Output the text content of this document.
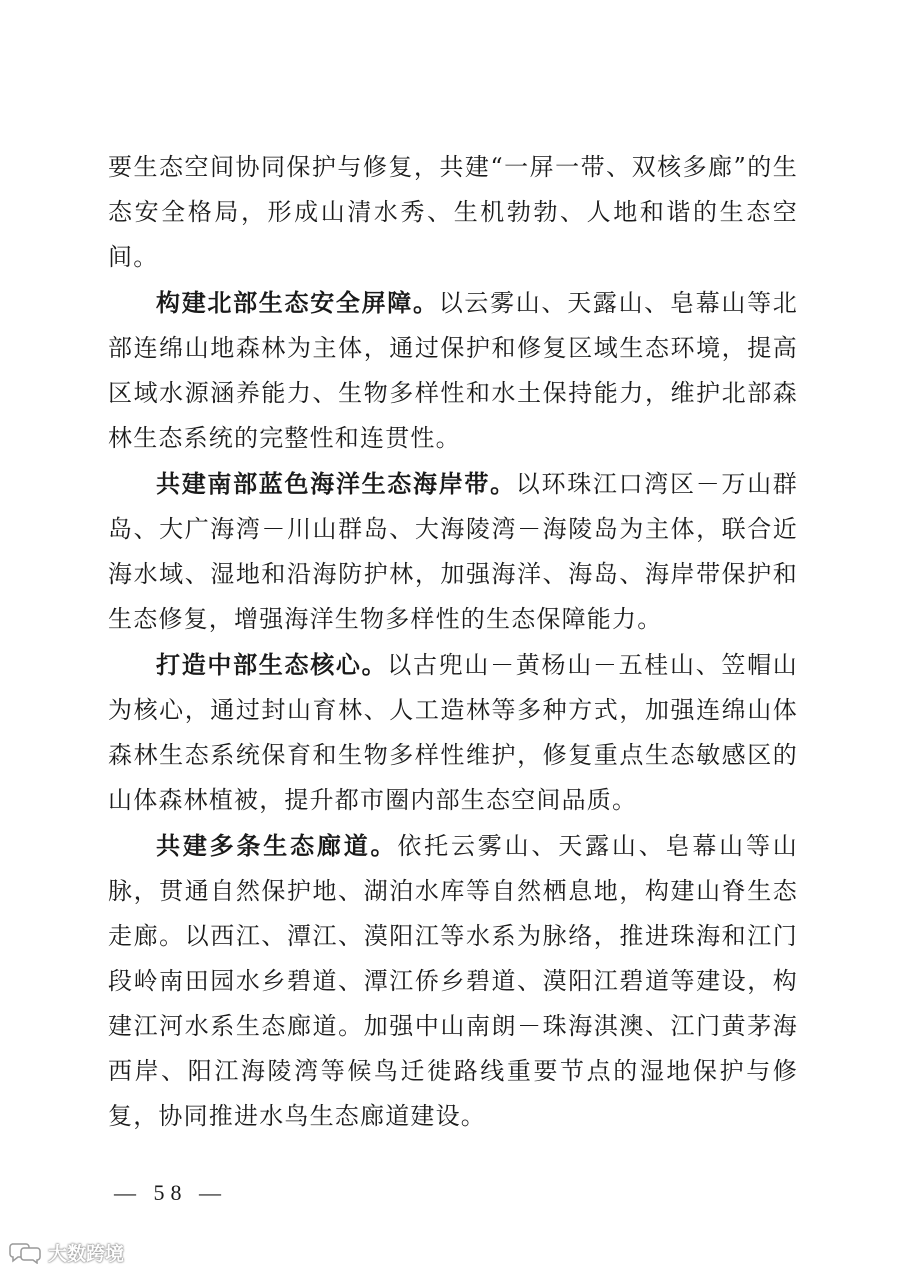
要生态空间协同保护与修复，共建“一屏一带、双核多廊”的生态安全格局，形成山清水秀、生机勃勃、人地和谐的生态空间。

构建北部生态安全屏障。以云雾山、天露山、皂幕山等北部连绵山地森林为主体，通过保护和修复区域生态环境，提高区域水源涵养能力、生物多样性和水土保持能力，维护北部森林生态系统的完整性和连贯性。

共建南部蓝色海洋生态海岸带。以环珠江口湾区－万山群岛、大广海湾－川山群岛、大海陵湾－海陵岛为主体，联合近海水域、湿地和沿海防护林，加强海洋、海岛、海岸带保护和生态修复，增强海洋生物多样性的生态保障能力。

打造中部生态核心。以古兜山－黄杨山－五桂山、笠帽山为核心，通过封山育林、人工造林等多种方式，加强连绵山体森林生态系统保育和生物多样性维护，修复重点生态敏感区的山体森林植被，提升都市圈内部生态空间品质。

共建多条生态廊道。依托云雾山、天露山、皂幕山等山脉，贯通自然保护地、湖泊水库等自然栖息地，构建山脊生态走廊。以西江、潭江、漠阳江等水系为脉络，推进珠海和江门段岭南田园水乡碧道、潭江侨乡碧道、漠阳江碧道等建设，构建江河水系生态廊道。加强中山南朗－珠海淇澳、江门黄茅海西岸、阳江海陵湾等候鸟迁徙路线重要节点的湿地保护与修复，协同推进水鸟生态廊道建设。

— 58 —
大数跨境
